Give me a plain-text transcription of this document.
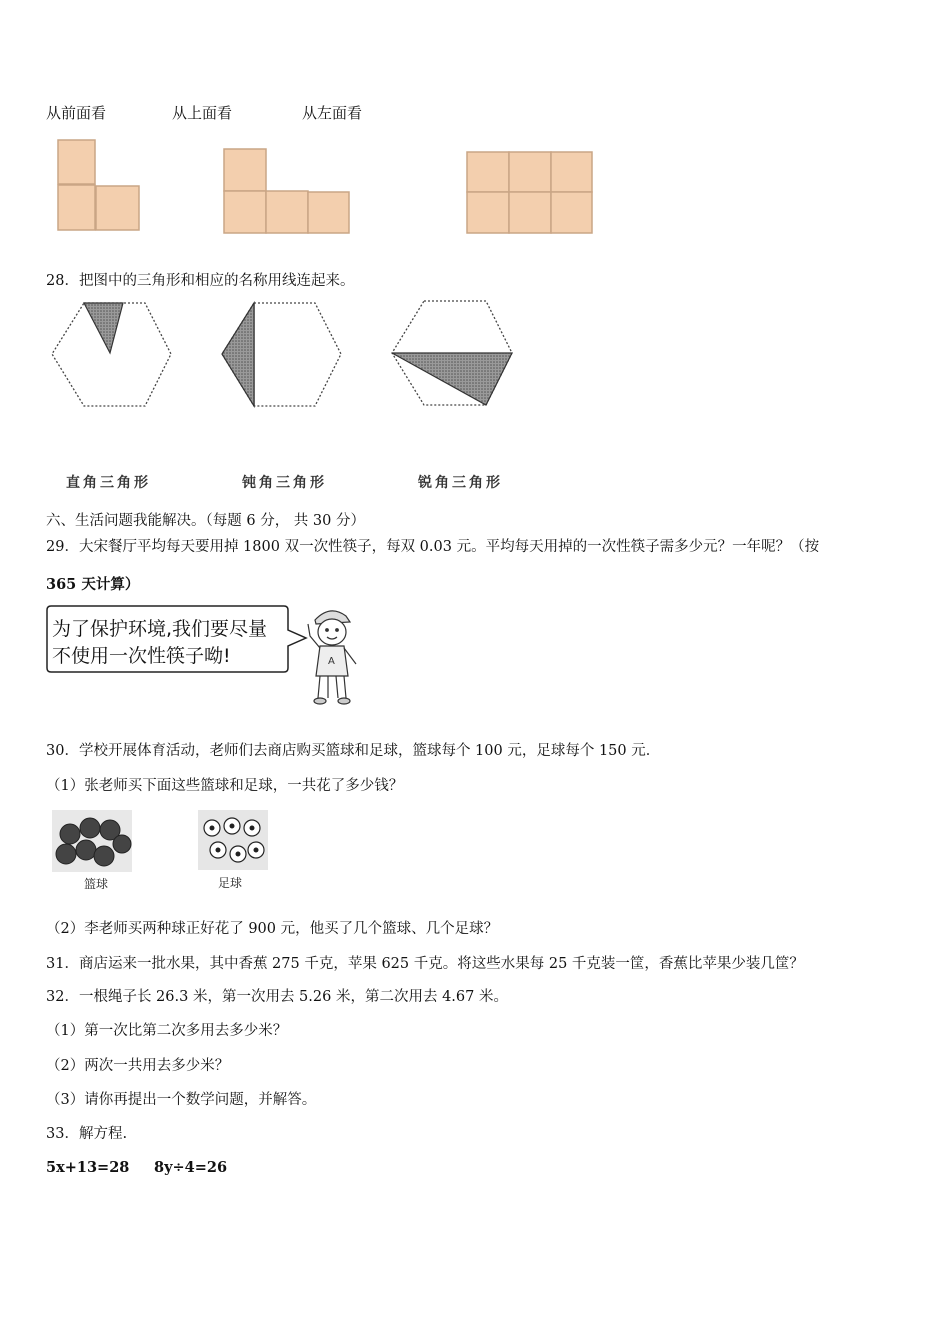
从前面看	从上面看	从左面看
28．把图中的三角形和相应的名称用线连起来。
直角三角形	钝角三角形	锐角三角形
六、生活问题我能解决。（每题 6 分， 共 30 分）
29．大宋餐厅平均每天要用掉 1800 双一次性筷子，每双 0.03 元。平均每天用掉的一次性筷子需多少元？一年呢？（按
365 天计算）
A
为了保护环境,我们要尽量
不使用一次性筷子呦!
30．学校开展体育活动，老师们去商店购买篮球和足球，篮球每个 100 元，足球每个 150 元．
（1）张老师买下面这些篮球和足球，一共花了多少钱？
篮球	足球
（2）李老师买两种球正好花了 900 元，他买了几个篮球、几个足球？
31．商店运来一批水果，其中香蕉 275 千克，苹果 625 千克。将这些水果每 25 千克装一筐，香蕉比苹果少装几筐？
32．一根绳子长 26.3 米，第一次用去 5.26 米，第二次用去 4.67 米。
（1）第一次比第二次多用去多少米？
（2）两次一共用去多少米？
（3）请你再提出一个数学问题，并解答。
33．解方程.
5x+13=28 8y÷4=26
